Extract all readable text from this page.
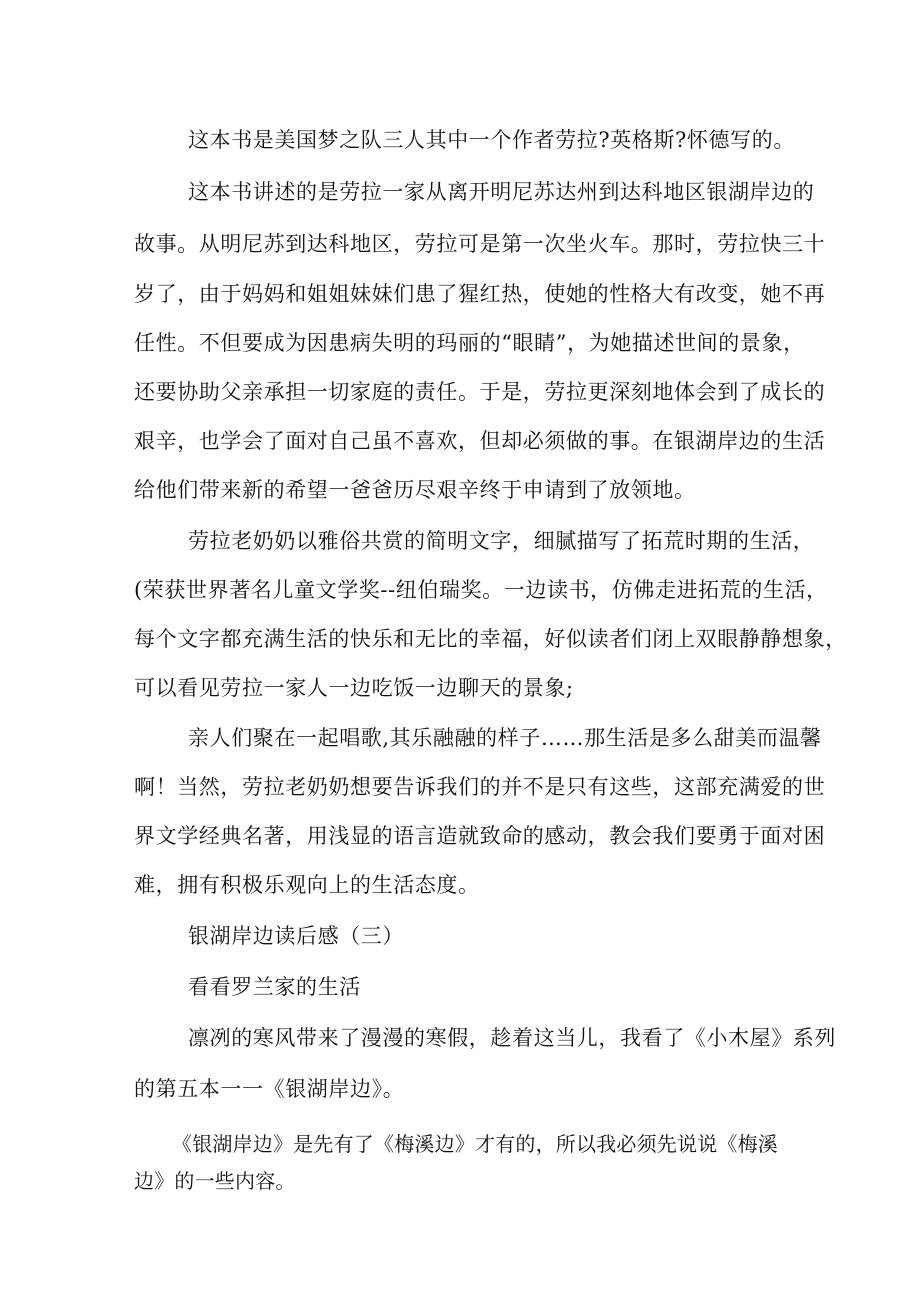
这本书是美国梦之队三人其中一个作者劳拉?英格斯?怀德写的。

这本书讲述的是劳拉一家从离开明尼苏达州到达科地区银湖岸边的

故事。从明尼苏到达科地区，劳拉可是第一次坐火车。那时，劳拉快三十

岁了，由于妈妈和姐姐妹妹们患了猩红热，使她的性格大有改变，她不再

任性。不但要成为因患病失明的玛丽的“眼睛”，为她描述世间的景象，

还要协助父亲承担一切家庭的责任。于是，劳拉更深刻地体会到了成长的

艰辛，也学会了面对自己虽不喜欢，但却必须做的事。在银湖岸边的生活

给他们带来新的希望一爸爸历尽艰辛终于申请到了放领地。

劳拉老奶奶以雅俗共赏的简明文字，细腻描写了拓荒时期的生活，

(荣获世界著名儿童文学奖--纽伯瑞奖。一边读书，仿佛走进拓荒的生活，

每个文字都充满生活的快乐和无比的幸福，好似读者们闭上双眼静静想象，

可以看见劳拉一家人一边吃饭一边聊天的景象;

亲人们聚在一起唱歌,其乐融融的样子……那生活是多么甜美而温馨

啊！当然，劳拉老奶奶想要告诉我们的并不是只有这些，这部充满爱的世

界文学经典名著，用浅显的语言造就致命的感动，教会我们要勇于面对困

难，拥有积极乐观向上的生活态度。

银湖岸边读后感（三）

看看罗兰家的生活

凛冽的寒风带来了漫漫的寒假，趁着这当儿，我看了《小木屋》系列

的第五本一一《银湖岸边》。

《银湖岸边》是先有了《梅溪边》才有的，所以我必须先说说《梅溪

边》的一些内容。
